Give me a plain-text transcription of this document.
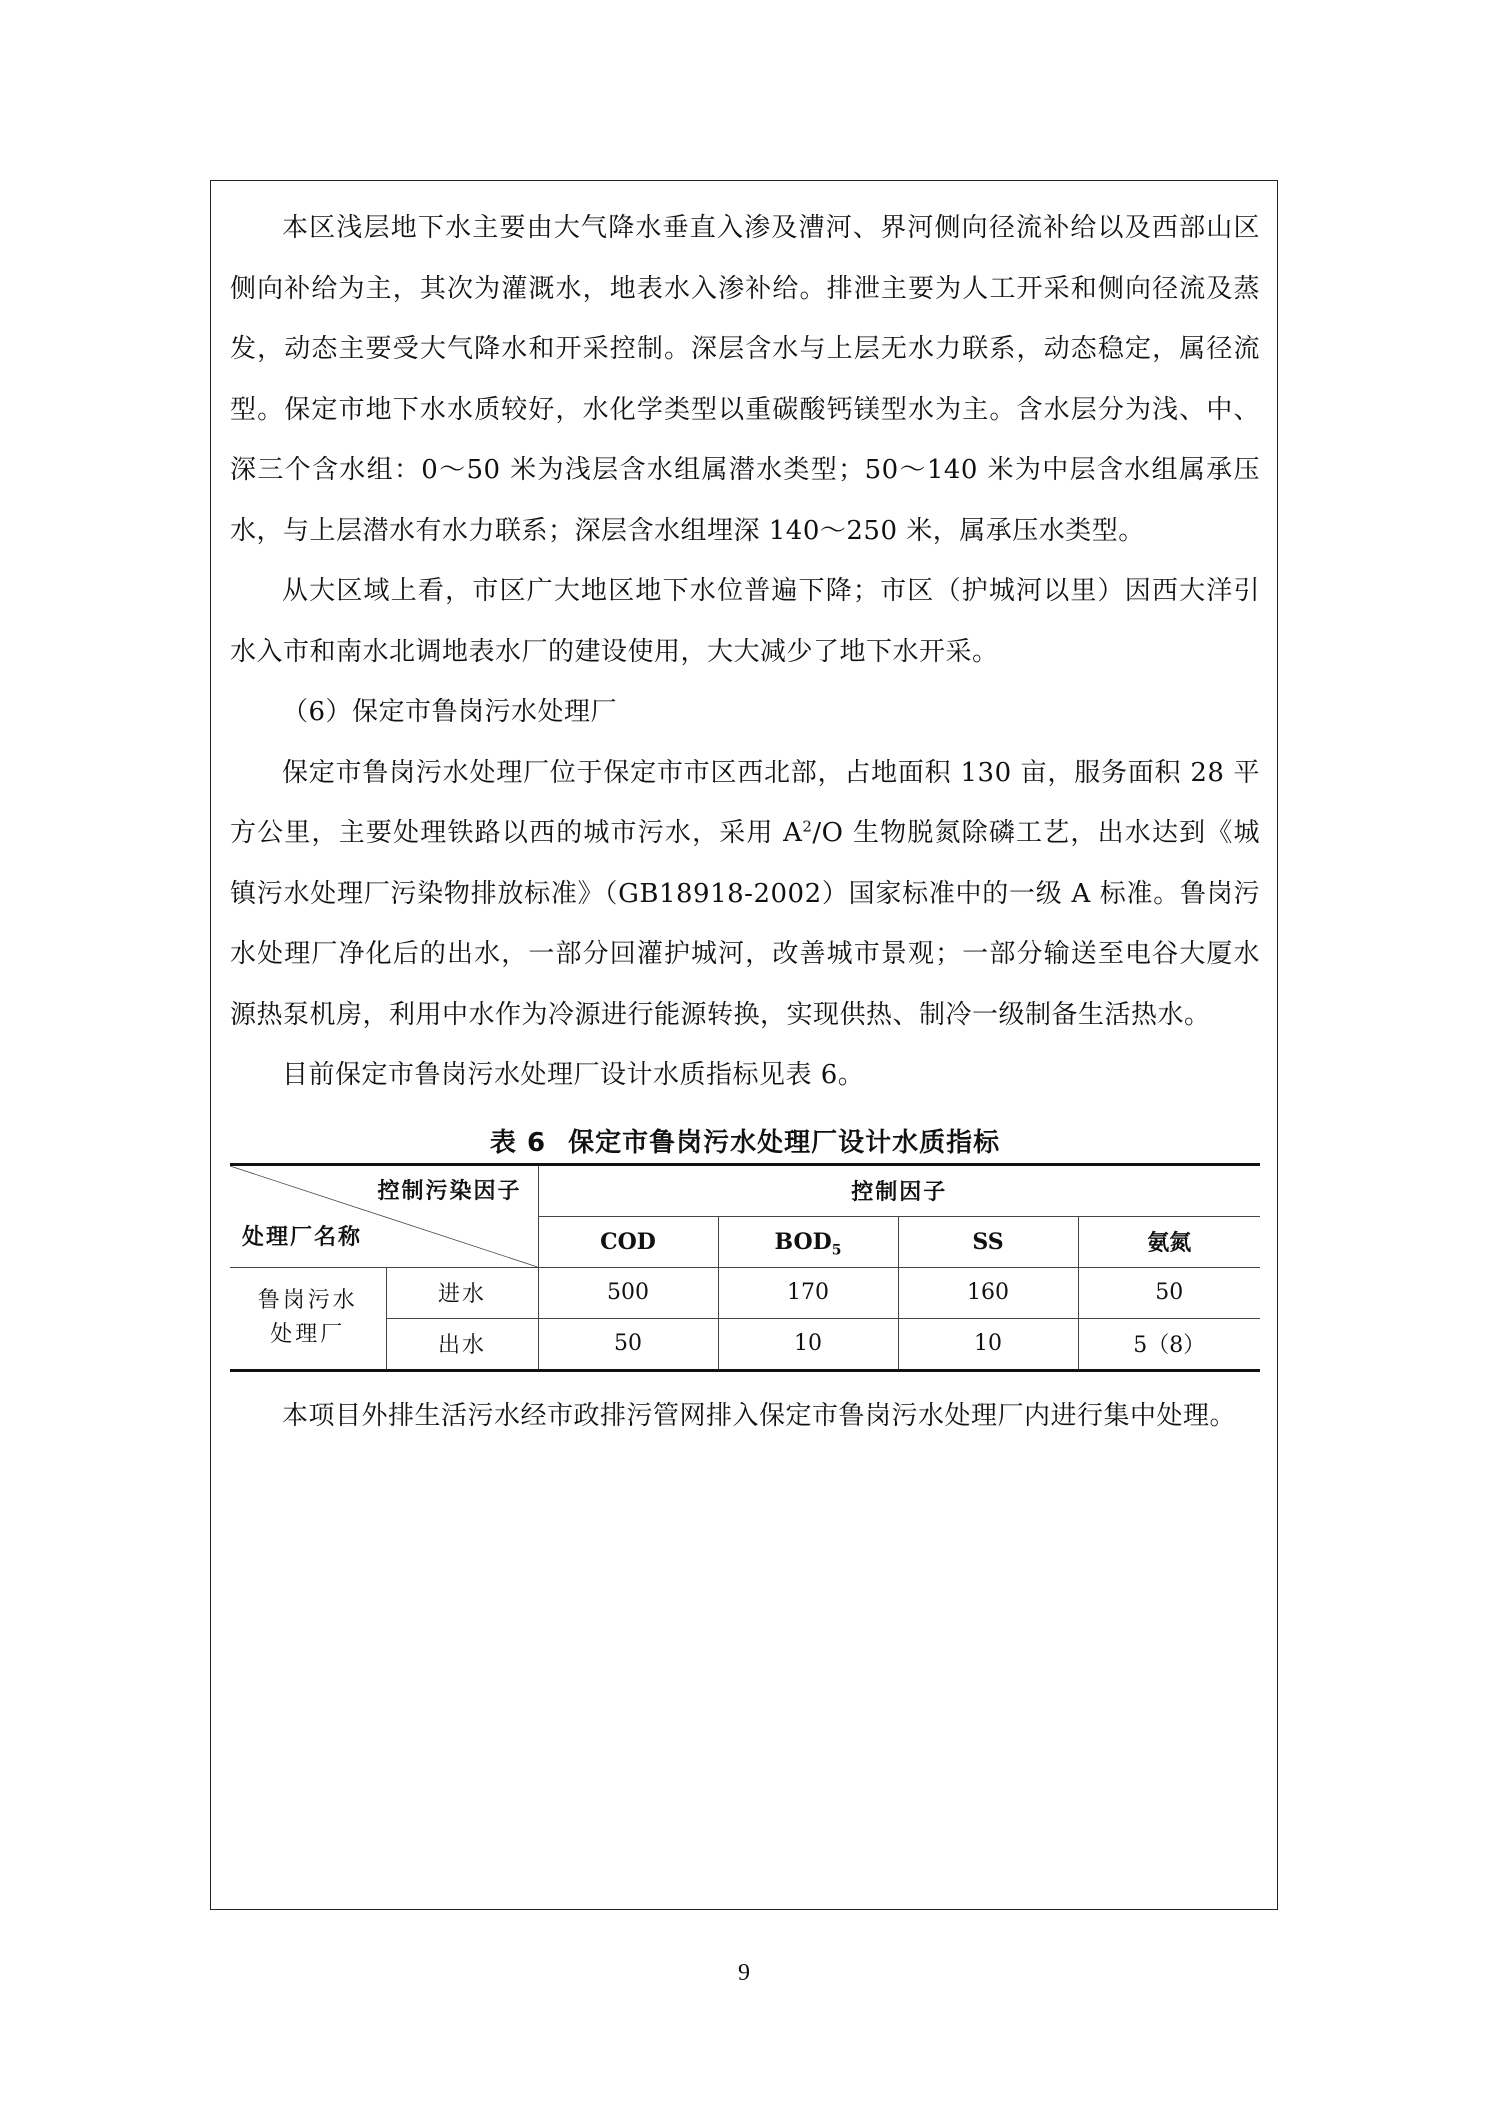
本区浅层地下水主要由大气降水垂直入渗及漕河、界河侧向径流补给以及西部山区侧向补给为主，其次为灌溉水，地表水入渗补给。排泄主要为人工开采和侧向径流及蒸发，动态主要受大气降水和开采控制。深层含水与上层无水力联系，动态稳定，属径流型。保定市地下水水质较好，水化学类型以重碳酸钙镁型水为主。含水层分为浅、中、深三个含水组：0～50 米为浅层含水组属潜水类型；50～140 米为中层含水组属承压水，与上层潜水有水力联系；深层含水组埋深 140～250 米，属承压水类型。

从大区域上看，市区广大地区地下水位普遍下降；市区（护城河以里）因西大洋引水入市和南水北调地表水厂的建设使用，大大减少了地下水开采。

（6）保定市鲁岗污水处理厂

保定市鲁岗污水处理厂位于保定市市区西北部，占地面积 130 亩，服务面积 28 平方公里，主要处理铁路以西的城市污水，采用 $A^2/O$ 生物脱氮除磷工艺，出水达到《城镇污水处理厂污染物排放标准》（GB18918-2002）国家标准中的一级 A 标准。鲁岗污水处理厂净化后的出水，一部分回灌护城河，改善城市景观；一部分输送至电谷大厦水源热泵机房，利用中水作为冷源进行能源转换，实现供热、制冷一级制备生活热水。

目前保定市鲁岗污水处理厂设计水质指标见表 6。

表 6 保定市鲁岗污水处理厂设计水质指标
控制污染因子
处理厂名称		控制因子			
		COD	$BOD_5$	SS	氨氮

鲁岗污水
处理厂	进水	500	170	160	50
	出水	50	10	10	5（8）

本项目外排生活污水经市政排污管网排入保定市鲁岗污水处理厂内进行集中处理。

9
